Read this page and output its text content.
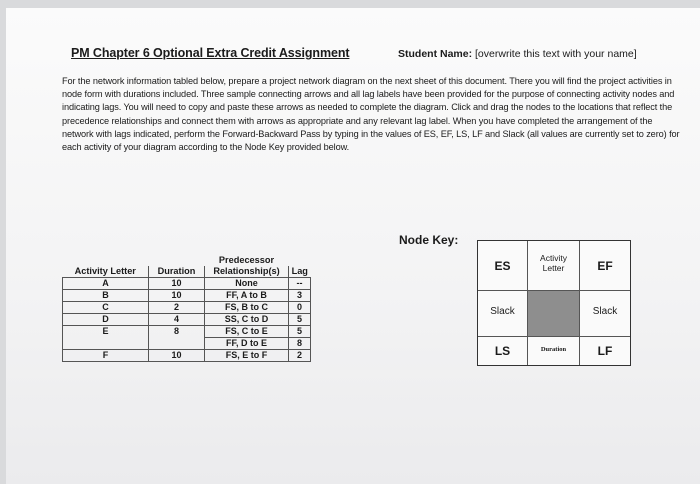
PM Chapter 6 Optional Extra Credit Assignment	Student Name: [overwrite this text with your name]
For the network information tabled below, prepare a project network diagram on the next sheet of this document. There you will find the project activities in node form with durations included. Three sample connecting arrows and all lag labels have been provided for the purpose of connecting activity nodes and indicating lags. You will need to copy and paste these arrows as needed to complete the diagram. Click and drag the nodes to the locations that reflect the precedence relationships and connect them with arrows as appropriate and any relevant lag label. When you have completed the arrangement of the network with lags indicated, perform the Forward-Backward Pass by typing in the values of ES, EF, LS, LF and Slack (all values are currently set to zero) for each activity of your diagram according to the Node Key provided below.
Node Key:
		Predecessor	
Activity Letter	Duration	Relationship(s)	Lag
A	10	None	--
B	10	FF, A to B	3
C	2	FS, B to C	0
D	4	SS, C to D	5
E	8	FS, C to E	5
		FF, D to E	8
F	10	FS, E to F	2
ES
Activity
Letter	EF
Slack	Slack
LS	Duration	LF
